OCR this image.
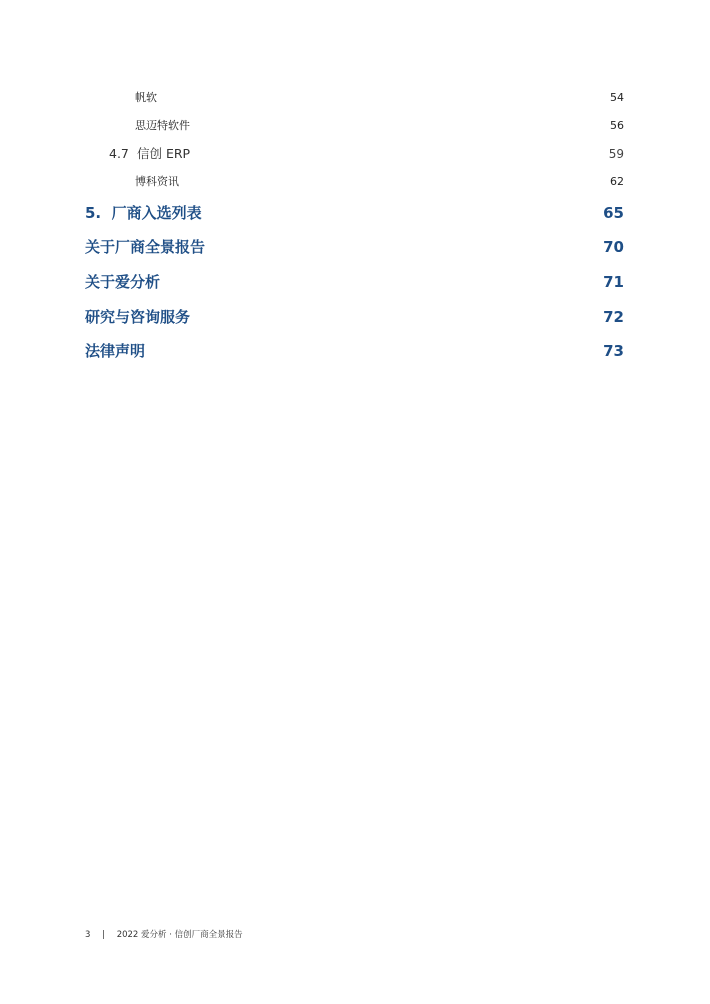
帆软	54
思迈特软件	56
4.7 信创 ERP	59
博科资讯	62
5.  厂商入选列表	65
关于厂商全景报告	70
关于爱分析	71
研究与咨询服务	72
法律声明	73
3 | 2022 爱分析 · 信创厂商全景报告
